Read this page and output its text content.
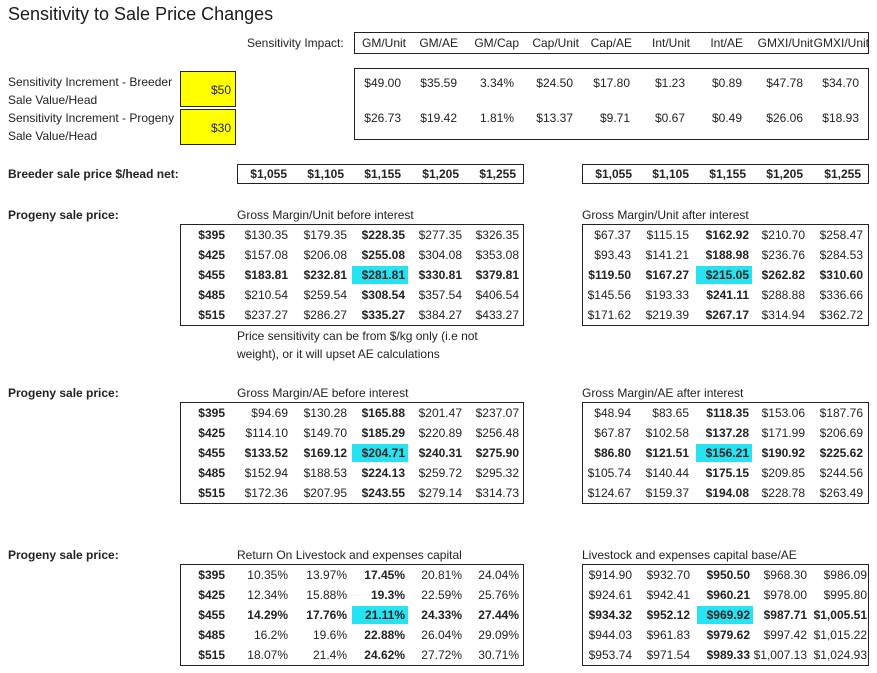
Sensitivity to Sale Price Changes
Sensitivity Impact:	GM/Unit	GM/AE	GM/Cap	Cap/Unit Cap/AE	Int/Unit	Int/AE	GMXI/Unit GMXI/Unit
Sensitivity Increment - Breeder
Sale Value/Head
$50
Sensitivity Increment - Progeny
Sale Value/Head
$30
$49.00	$35.59	3.34%	$24.50	$17.80	$1.23	$0.89	$47.78	$34.70
$26.73	$19.42	1.81%	$13.37	$9.71	$0.67	$0.49	$26.06	$18.93
Breeder sale price $/head net:	$1,055	$1,105	$1,155	$1,205	$1,255	$1,055	$1,105	$1,155	$1,205	$1,255
Progeny sale price:
Progeny sale price:
Progeny sale price:
Gross Margin/Unit before interest	Gross Margin/Unit after interest
Gross Margin/AE before interest	Gross Margin/AE after interest
Return On Livestock and expenses capital	Livestock and expenses capital base/AE
Price sensitivity can be from $/kg only (i.e not
weight), or it will upset AE calculations
$395	$130.35	$179.35	$228.35	$277.35	$326.35
$425	$157.08	$206.08	$255.08	$304.08	$353.08
$455	$183.81	$232.81	$281.81	$330.81	$379.81
$485	$210.54	$259.54	$308.54	$357.54	$406.54
$515	$237.27	$286.27	$335.27	$384.27	$433.27
$67.37	$115.15	$162.92	$210.70	$258.47
$93.43	$141.21	$188.98	$236.76	$284.53
$119.50	$167.27	$215.05	$262.82	$310.60
$145.56	$193.33	$241.11	$288.88	$336.66
$171.62	$219.39	$267.17	$314.94	$362.72
$395	$94.69	$130.28	$165.88	$201.47	$237.07
$425	$114.10	$149.70	$185.29	$220.89	$256.48
$455	$133.52	$169.12	$204.71	$240.31	$275.90
$485	$152.94	$188.53	$224.13	$259.72	$295.32
$515	$172.36	$207.95	$243.55	$279.14	$314.73
$48.94	$83.65	$118.35	$153.06	$187.76
$67.87	$102.58	$137.28	$171.99	$206.69
$86.80	$121.51	$156.21	$190.92	$225.62
$105.74	$140.44	$175.15	$209.85	$244.56
$124.67	$159.37	$194.08	$228.78	$263.49
$395	10.35%	13.97%	17.45%	20.81%	24.04%
$425	12.34%	15.88%	19.3%	22.59%	25.76%
$455	14.29%	17.76%	21.11%	24.33%	27.44%
$485	16.2%	19.6%	22.88%	26.04%	29.09%
$515	18.07%	21.4%	24.62%	27.72%	30.71%
$914.90	$932.70	$950.50	$968.30	$986.09
$924.61	$942.41	$960.21	$978.00	$995.80
$934.32	$952.12	$969.92	$987.71 $1,005.51
$944.03	$961.83	$979.62	$997.42 $1,015.22
$953.74	$971.54	$989.33 $1,007.13 $1,024.93
